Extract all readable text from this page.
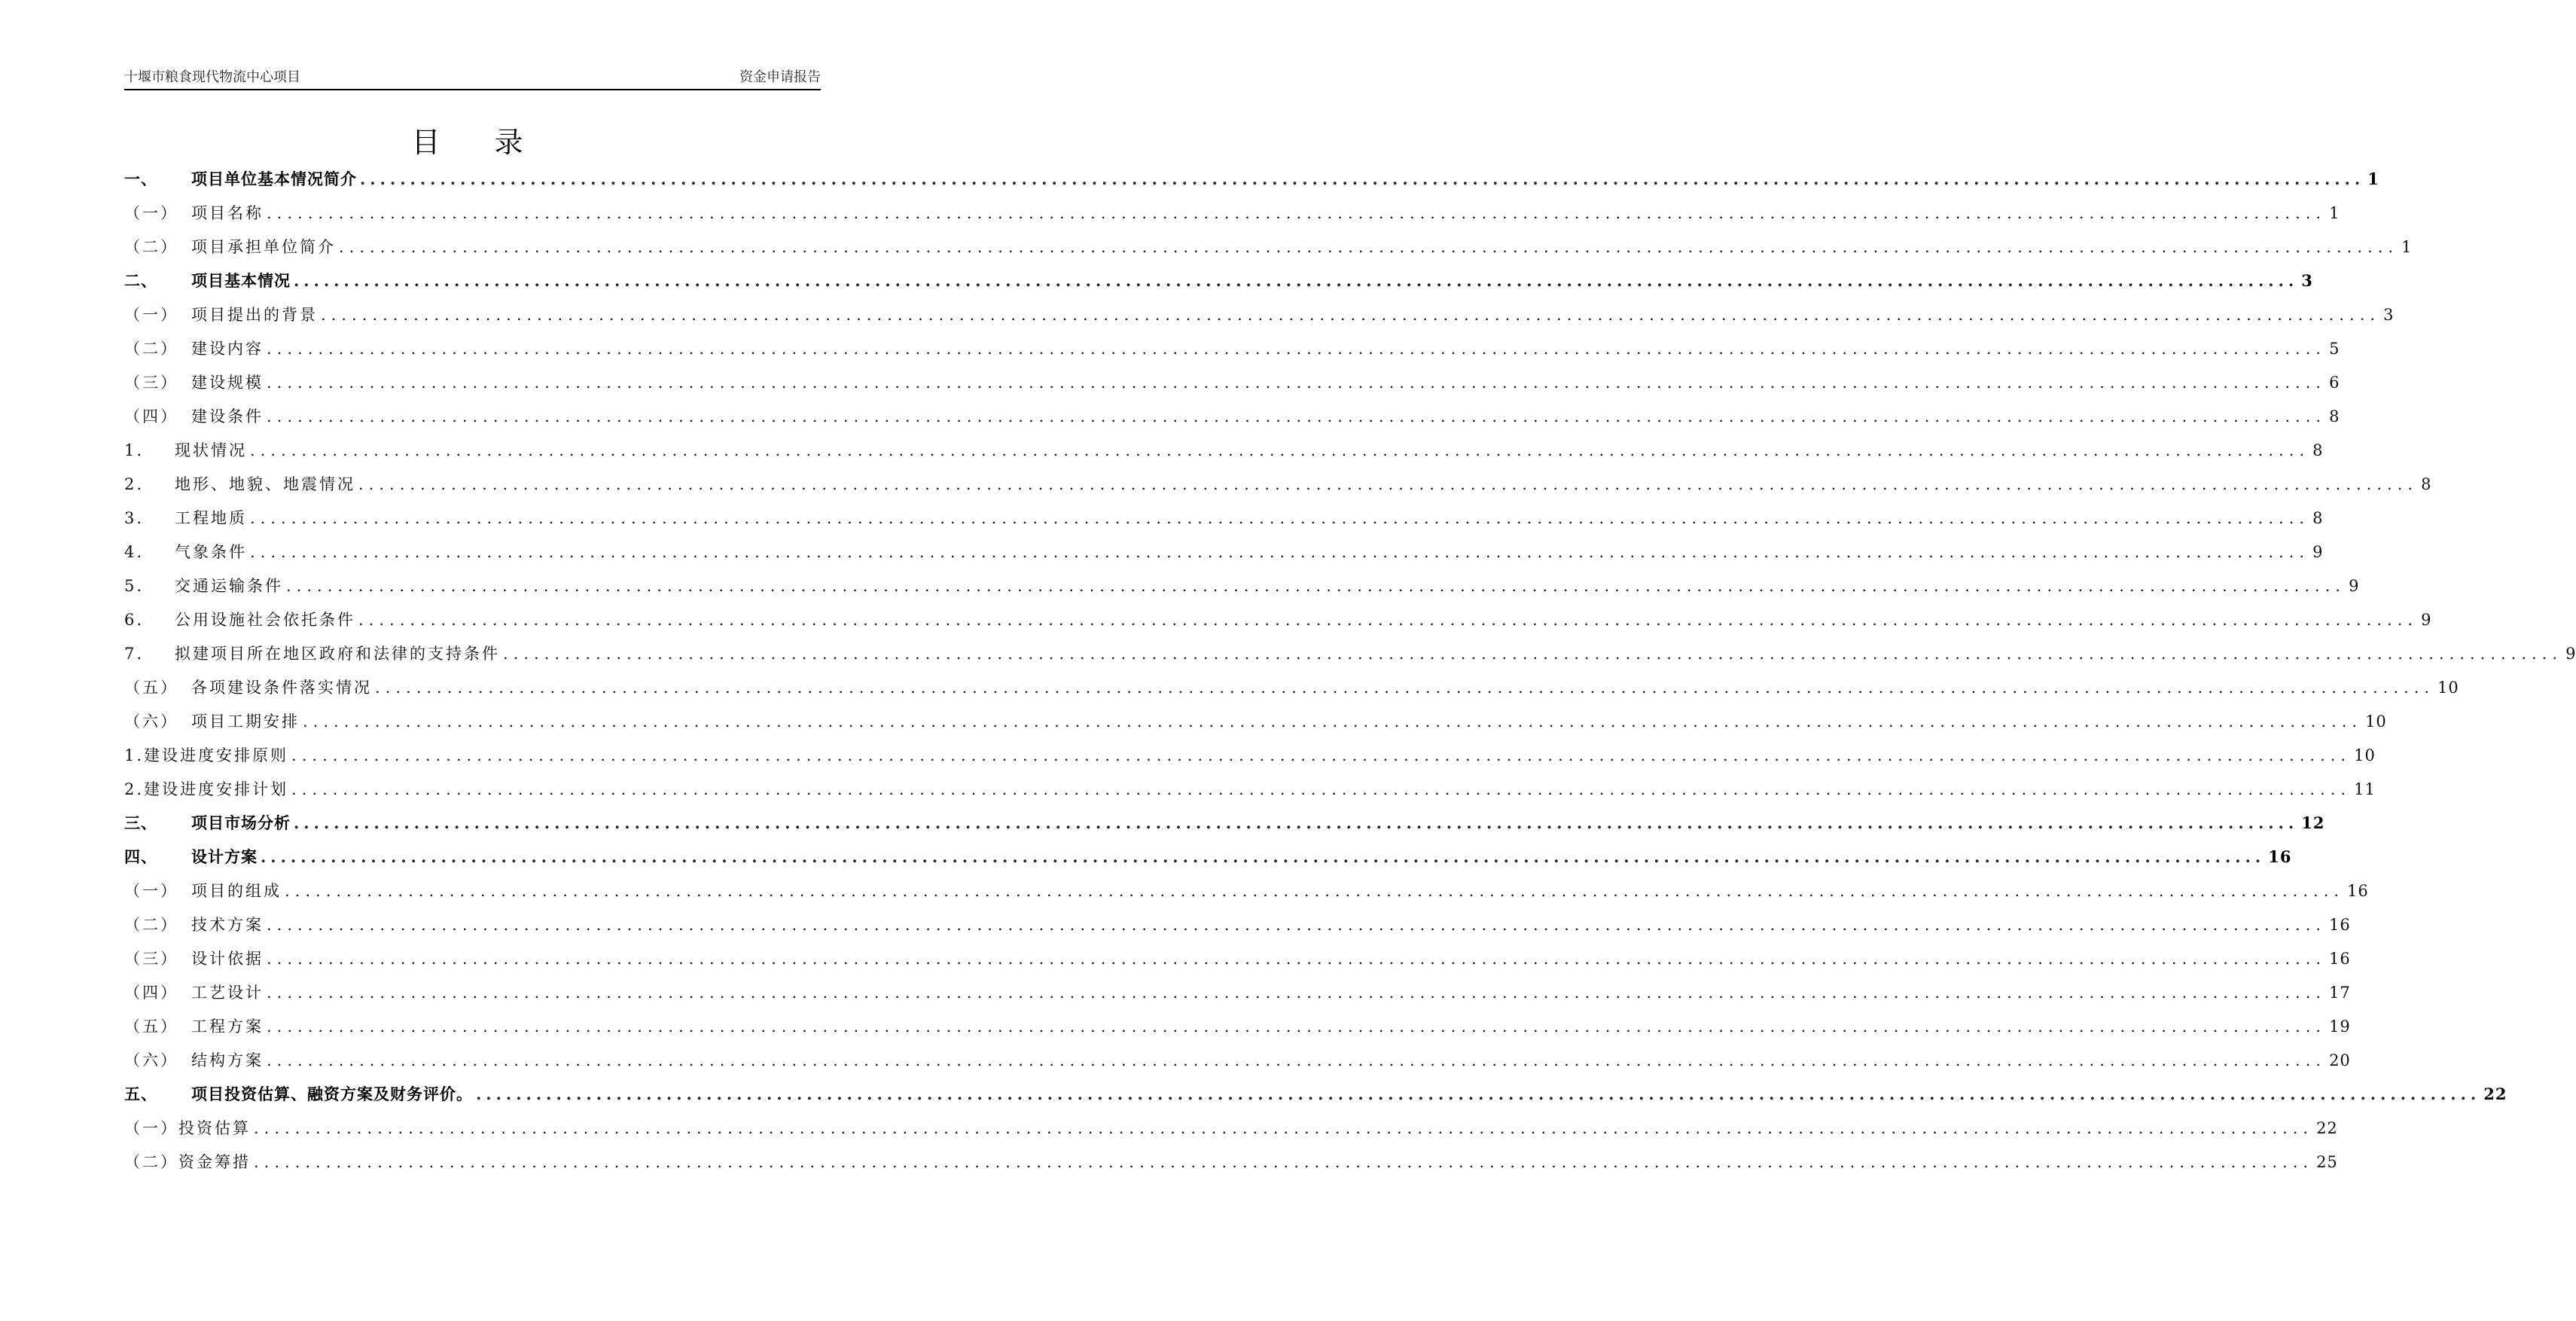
十堰市粮食现代物流中心项目	资金申请报告
目 录
一、	项目单位基本情况简介 ........................................................................................................................................................................................................ 1
（一） 项目名称 ........................................................................................................................................................................................................ 1
（二） 项目承担单位简介 ........................................................................................................................................................................................................ 1
二、	项目基本情况 ........................................................................................................................................................................................................ 3
（一） 项目提出的背景 ........................................................................................................................................................................................................ 3
（二） 建设内容 ........................................................................................................................................................................................................ 5
（三） 建设规模 ........................................................................................................................................................................................................ 6
（四） 建设条件 ........................................................................................................................................................................................................ 8
1.	现状情况 ........................................................................................................................................................................................................ 8
2.	地形、地貌、地震情况 ........................................................................................................................................................................................................ 8
3.	工程地质 ........................................................................................................................................................................................................ 8
4.	气象条件 ........................................................................................................................................................................................................ 9
5.	交通运输条件 ........................................................................................................................................................................................................ 9
6.	公用设施社会依托条件 ........................................................................................................................................................................................................ 9
7.	拟建项目所在地区政府和法律的支持条件 ........................................................................................................................................................................................................ 9
（五） 各项建设条件落实情况 ........................................................................................................................................................................................................ 10
（六） 项目工期安排 ........................................................................................................................................................................................................ 10
1. 建设进度安排原则 ........................................................................................................................................................................................................ 10
2. 建设进度安排计划 ........................................................................................................................................................................................................ 11
三、	项目市场分析 ........................................................................................................................................................................................................ 12
四、	设计方案 ........................................................................................................................................................................................................ 16
（一） 项目的组成 ........................................................................................................................................................................................................ 16
（二） 技术方案 ........................................................................................................................................................................................................ 16
（三） 设计依据 ........................................................................................................................................................................................................ 16
（四） 工艺设计 ........................................................................................................................................................................................................ 17
（五） 工程方案 ........................................................................................................................................................................................................ 19
（六） 结构方案 ........................................................................................................................................................................................................ 20
五、	项目投资估算、融资方案及财务评价。 ........................................................................................................................................................................................................ 22
（一） 投资估算 ........................................................................................................................................................................................................ 22
（二） 资金筹措 ........................................................................................................................................................................................................ 25
